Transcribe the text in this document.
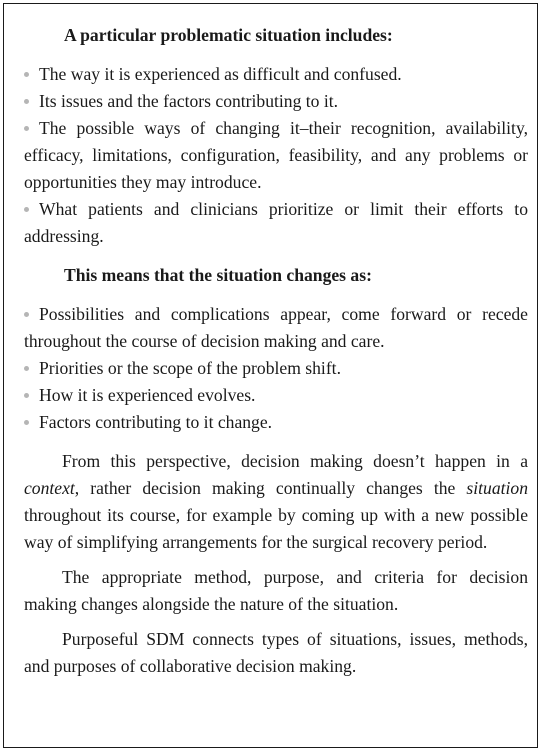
A particular problematic situation includes:
The way it is experienced as difficult and confused.
Its issues and the factors contributing to it.
The possible ways of changing it–their recognition, availability, efficacy, limitations, configuration, feasibility, and any problems or opportunities they may introduce.
What patients and clinicians prioritize or limit their efforts to addressing.
This means that the situation changes as:
Possibilities and complications appear, come forward or recede throughout the course of decision making and care.
Priorities or the scope of the problem shift.
How it is experienced evolves.
Factors contributing to it change.

From this perspective, decision making doesn’t happen in a context, rather decision making continually changes the situation throughout its course, for example by coming up with a new possible way of simplifying arrangements for the surgical recovery period.

The appropriate method, purpose, and criteria for decision making changes alongside the nature of the situation.

Purposeful SDM connects types of situations, issues, methods, and purposes of collaborative decision making.
